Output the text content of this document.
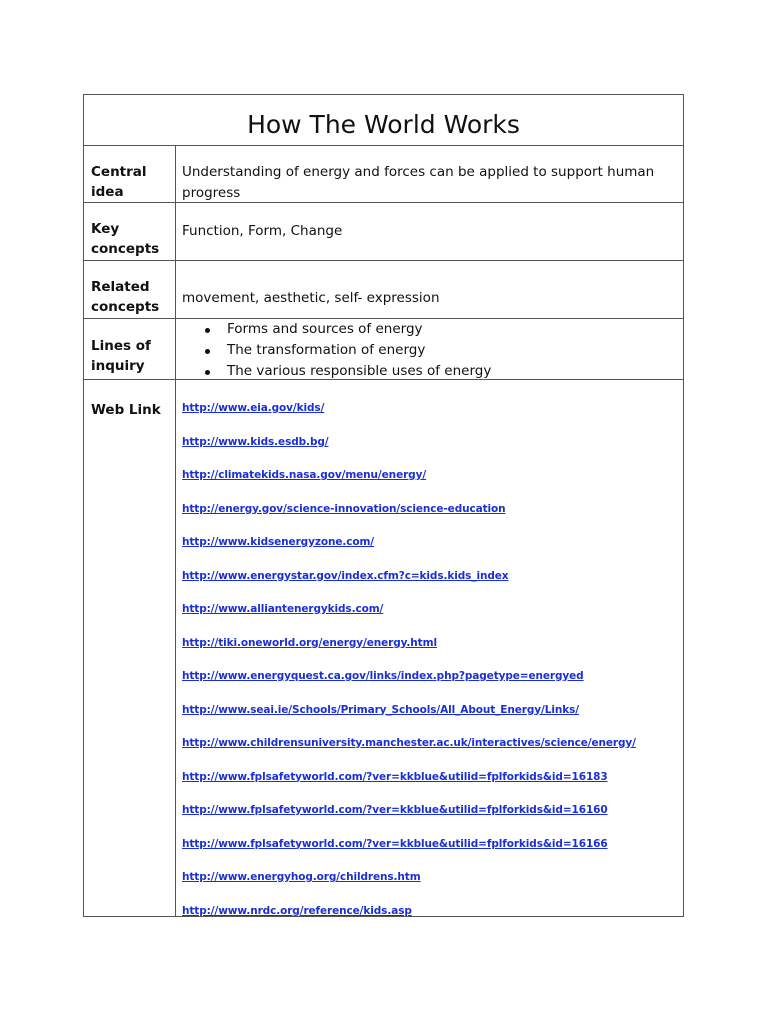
How The World Works
Central
idea
Understanding of energy and forces can be applied to support human
progress
Key
concepts
Function, Form, Change
Related
concepts
movement, aesthetic, self- expression
Lines of
inquiry
Forms and sources of energy
The transformation of energy
The various responsible uses of energy
Web Link	http://www.eia.gov/kids/
http://www.kids.esdb.bg/
http://climatekids.nasa.gov/menu/energy/
http://energy.gov/science-innovation/science-education
http://www.kidsenergyzone.com/
http://www.energystar.gov/index.cfm?c=kids.kids_index
http://www.alliantenergykids.com/
http://tiki.oneworld.org/energy/energy.html
http://www.energyquest.ca.gov/links/index.php?pagetype=energyed
http://www.seai.ie/Schools/Primary_Schools/All_About_Energy/Links/
http://www.childrensuniversity.manchester.ac.uk/interactives/science/energy/
http://www.fplsafetyworld.com/?ver=kkblue&utilid=fplforkids&id=16183
http://www.fplsafetyworld.com/?ver=kkblue&utilid=fplforkids&id=16160
http://www.fplsafetyworld.com/?ver=kkblue&utilid=fplforkids&id=16166
http://www.energyhog.org/childrens.htm
http://www.nrdc.org/reference/kids.asp
